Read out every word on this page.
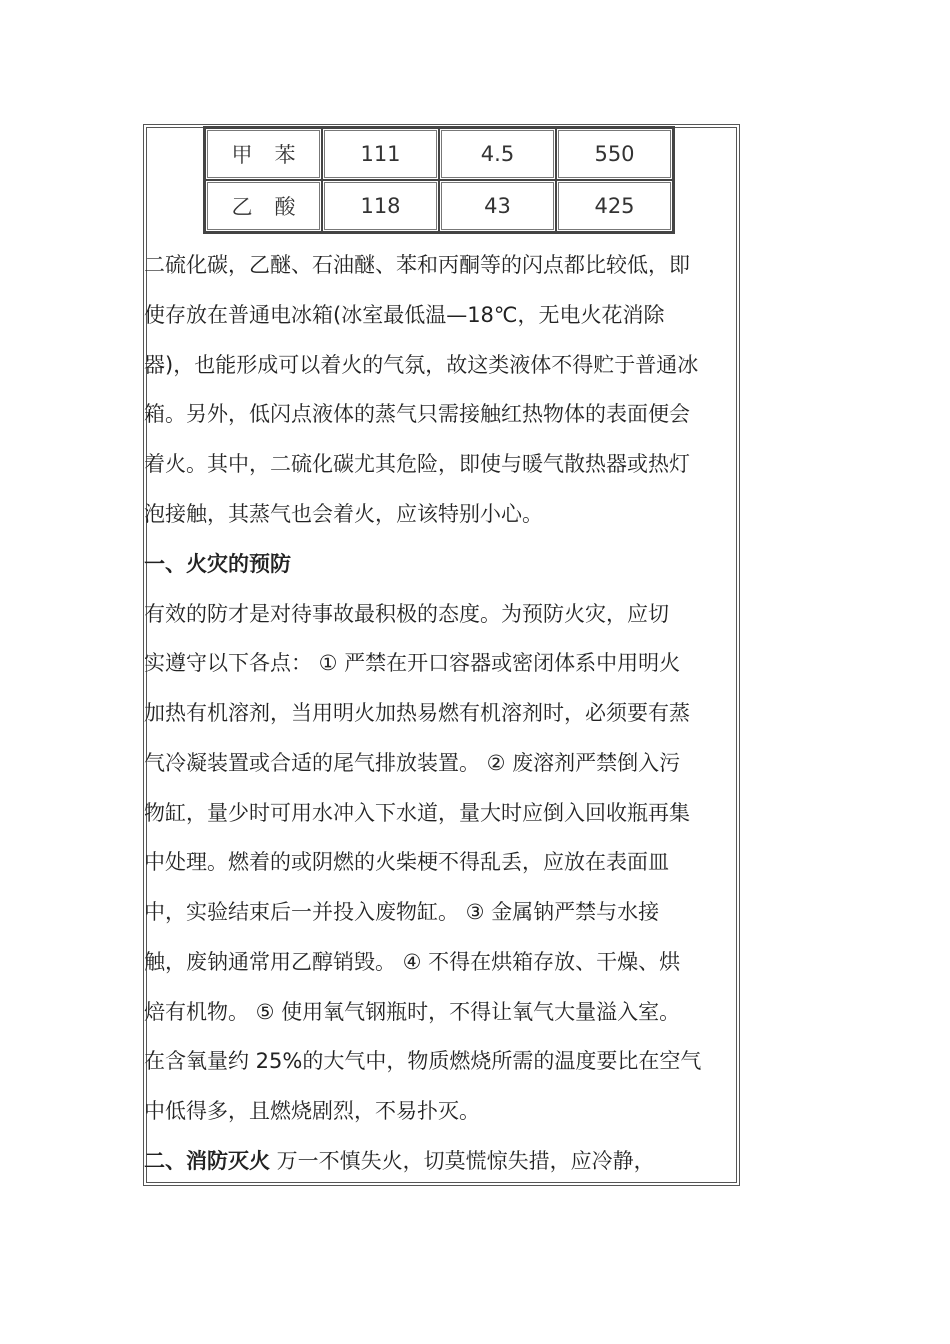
甲苯	111	4.5	550
乙酸	118	43	425
二硫化碳，乙醚、石油醚、苯和丙酮等的闪点都比较低，即
使存放在普通电冰箱(冰室最低温—18℃，无电火花消除
器)，也能形成可以着火的气氛，故这类液体不得贮于普通冰
箱。另外，低闪点液体的蒸气只需接触红热物体的表面便会
着火。其中，二硫化碳尤其危险，即使与暖气散热器或热灯
泡接触，其蒸气也会着火，应该特别小心。
一、火灾的预防
有效的防才是对待事故最积极的态度。为预防火灾，应切
实遵守以下各点： ① 严禁在开口容器或密闭体系中用明火
加热有机溶剂，当用明火加热易燃有机溶剂时，必须要有蒸
气冷凝装置或合适的尾气排放装置。 ② 废溶剂严禁倒入污
物缸，量少时可用水冲入下水道，量大时应倒入回收瓶再集
中处理。燃着的或阴燃的火柴梗不得乱丢，应放在表面皿
中，实验结束后一并投入废物缸。 ③ 金属钠严禁与水接
触，废钠通常用乙醇销毁。 ④ 不得在烘箱存放、干燥、烘
焙有机物。 ⑤ 使用氧气钢瓶时，不得让氧气大量溢入室。
在含氧量约 25%的大气中，物质燃烧所需的温度要比在空气
中低得多，且燃烧剧烈，不易扑灭。
二、消防灭火 万一不慎失火，切莫慌惊失措，应冷静，
